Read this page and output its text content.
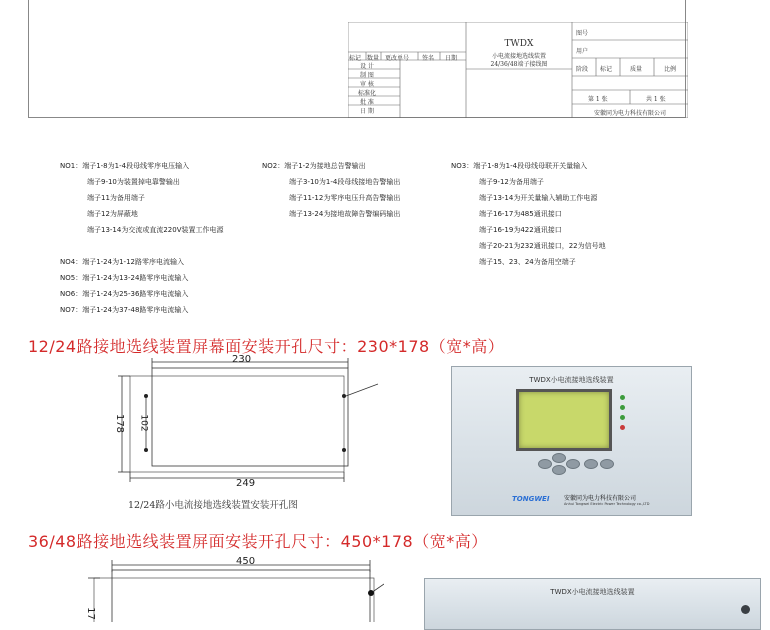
标记 数量 更改单号 签名 日期
设 计
制 图
审 核
标准化
批 准
日 期
TWDX
小电流接地选线装置
24/36/48端子接线图
图号
用户
阶段 标记	质量	比例
第 1 张	共 1 张
安徽同为电力科技有限公司
NO1：端子1-8为1-4段母线零序电压输入
端子9-10为装置掉电靠警输出
端子11为备用端子
端子12为屏蔽地
端子13-14为交流或直流220V装置工作电源
NO2：端子1-2为接地总告警输出
端子3-10为1-4段母线接地告警输出
端子11-12为零序电压升高告警输出
端子13-24为接地故障告警编码输出
NO3：端子1-8为1-4段母线母联开关量输入
端子9-12为备用端子
端子13-14为开关量输入辅助工作电源
端子16-17为485通讯接口
端子16-19为422通讯接口
端子20-21为232通讯接口，22为信号地
端子15、23、24为备用空端子
NO4：端子1-24为1-12路零序电流输入
NO5：端子1-24为13-24路零序电流输入
NO6：端子1-24为25-36路零序电流输入
NO7：端子1-24为37-48路零序电流输入
12/24路接地选线装置屏幕面安装开孔尺寸：230*178（宽*高）
230
249
178 102
12/24路小电流接地选线装置安装开孔图
TWDX小电流接地选线装置
TONGWEI 安徽同为电力科技有限公司
Anhui Tongwei Electric Power Technology co.,LTD
36/48路接地选线装置屏面安装开孔尺寸：450*178（宽*高）
450
17
TWDX小电流接地选线装置
